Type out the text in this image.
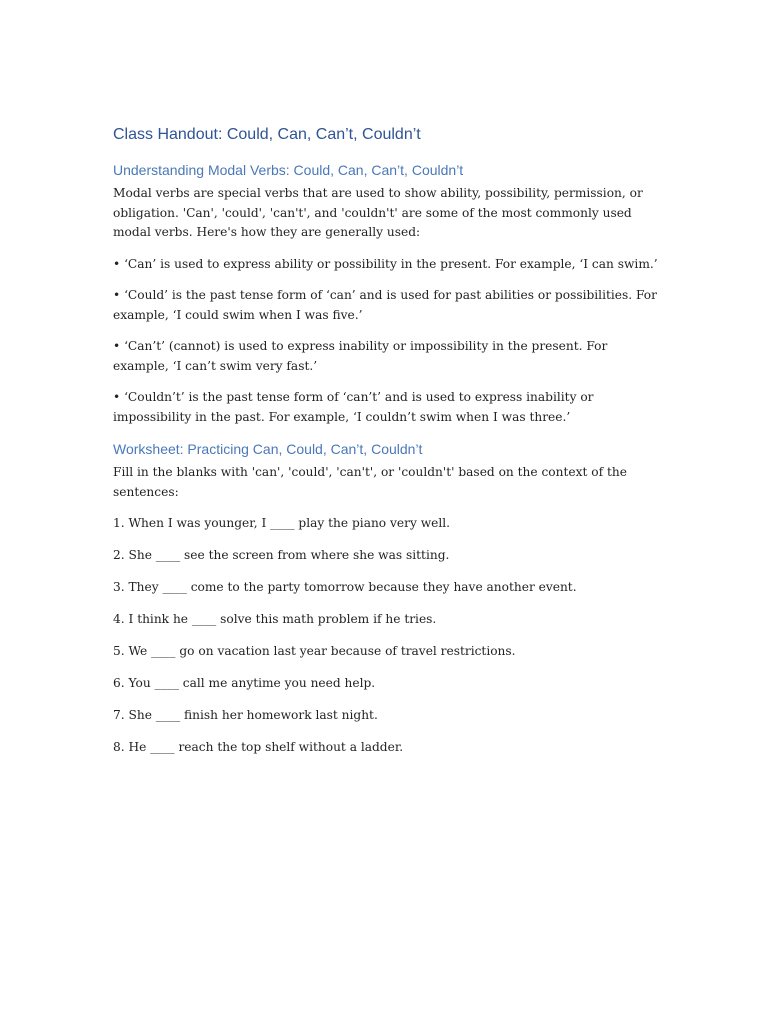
Class Handout: Could, Can, Can’t, Couldn’t
Understanding Modal Verbs: Could, Can, Can’t, Couldn’t

Modal verbs are special verbs that are used to show ability, possibility, permission, or obligation. 'Can', 'could', 'can't', and 'couldn't' are some of the most commonly used modal verbs. Here's how they are generally used:

• ‘Can’ is used to express ability or possibility in the present. For example, ‘I can swim.’

• ‘Could’ is the past tense form of ‘can’ and is used for past abilities or possibilities. For example, ‘I could swim when I was five.’

• ‘Can’t’ (cannot) is used to express inability or impossibility in the present. For example, ‘I can’t swim very fast.’

• ‘Couldn’t’ is the past tense form of ‘can’t’ and is used to express inability or impossibility in the past. For example, ‘I couldn’t swim when I was three.’

Worksheet: Practicing Can, Could, Can’t, Couldn’t

Fill in the blanks with 'can', 'could', 'can't', or 'couldn't' based on the context of the sentences:

1. When I was younger, I ____ play the piano very well.

2. She ____ see the screen from where she was sitting.

3. They ____ come to the party tomorrow because they have another event.

4. I think he ____ solve this math problem if he tries.

5. We ____ go on vacation last year because of travel restrictions.

6. You ____ call me anytime you need help.

7. She ____ finish her homework last night.

8. He ____ reach the top shelf without a ladder.
